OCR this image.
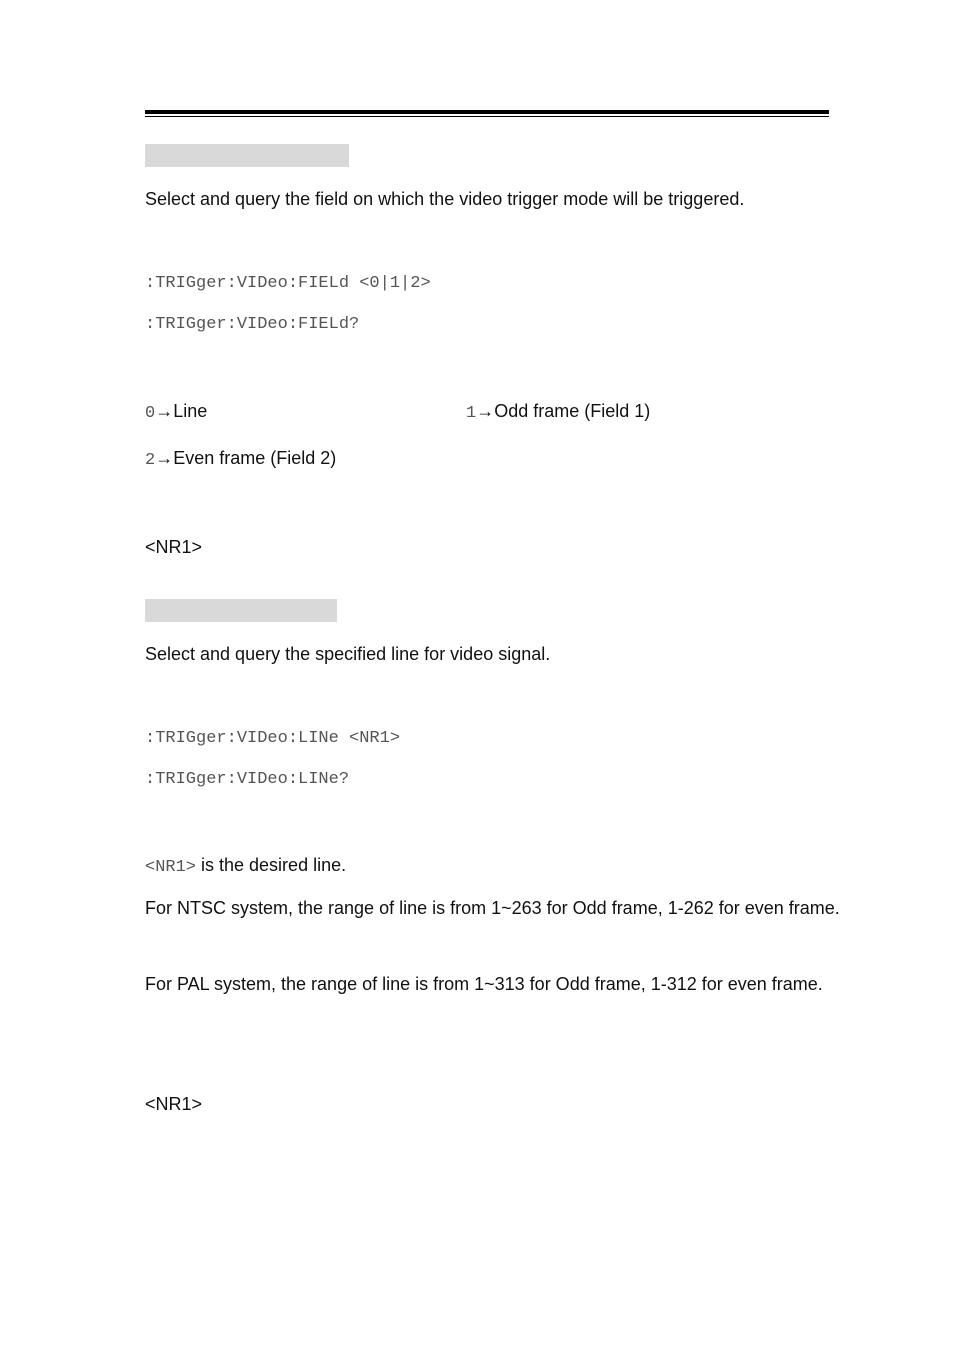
Select and query the field on which the video trigger mode will be triggered.
:TRIGger:VIDeo:FIELd <0|1|2>
:TRIGger:VIDeo:FIELd?
0→Line	1→Odd frame (Field 1)
2→Even frame (Field 2)
<NR1>
Select and query the specified line for video signal.
:TRIGger:VIDeo:LINe <NR1>
:TRIGger:VIDeo:LINe?
<NR1> is the desired line.
For NTSC system, the range of line is from 1~263 for Odd frame, 1-262 for even frame.
For PAL system, the range of line is from 1~313 for Odd frame, 1-312 for even frame.
<NR1>
